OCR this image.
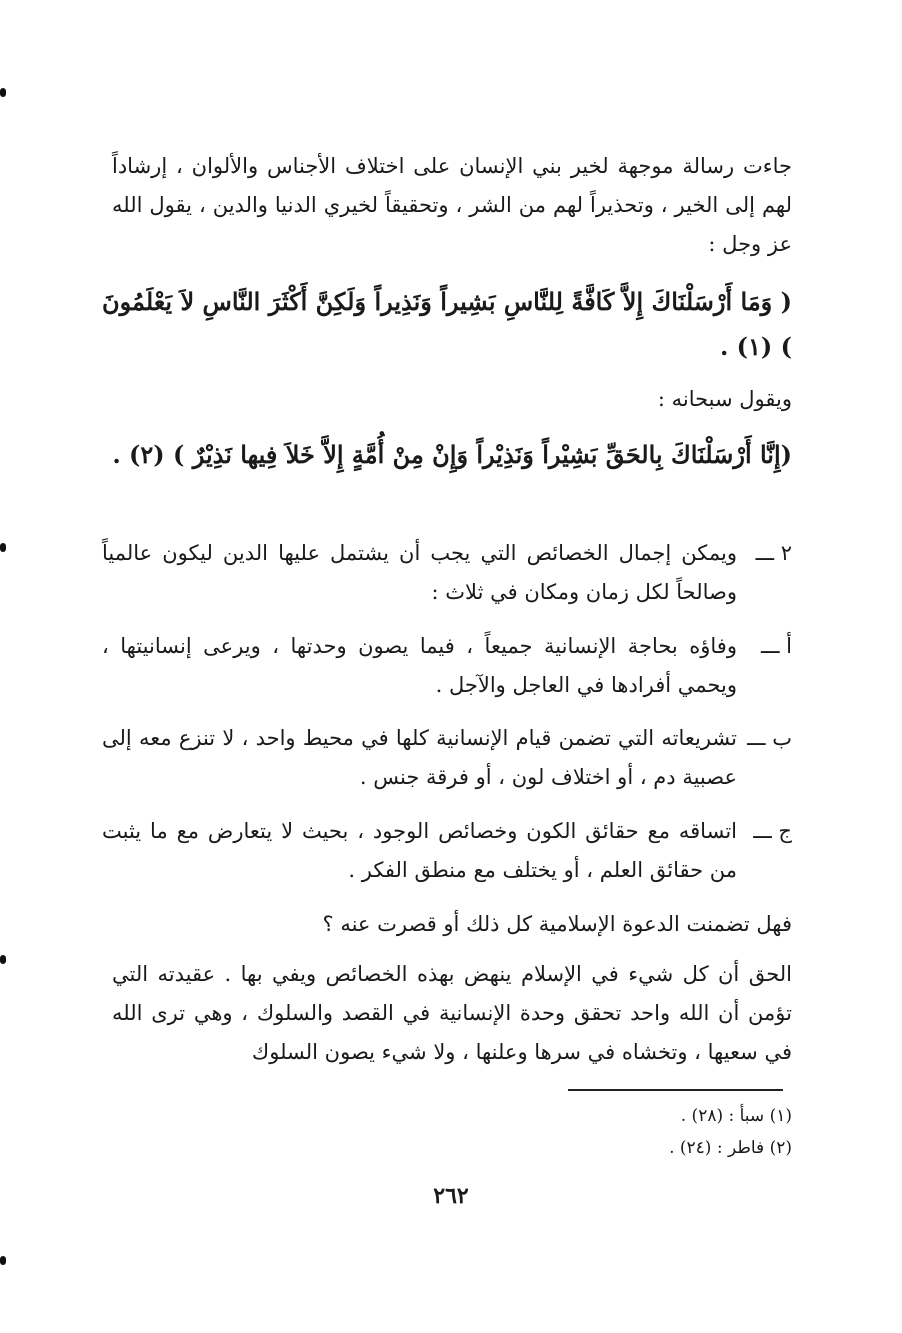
جاءت رسالة موجهة لخير بني الإنسان على اختلاف الأجناس والألوان ، إرشاداً لهم إلى الخير ، وتحذيراً لهم من الشر ، وتحقيقاً لخيري الدنيا والدين ، يقول الله عز وجل :
( وَمَا أَرْسَلْنَاكَ إِلاَّ كَافَّةً لِلنَّاسِ بَشِيراً وَنَذِيراً وَلَكِنَّ أَكْثَرَ النَّاسِ لاَ يَعْلَمُونَ ) (١) .
ويقول سبحانه :
(إِنَّا أَرْسَلْنَاكَ بِالحَقِّ بَشِيْراً وَنَذِيْراً وَإِنْ مِنْ أُمَّةٍ إِلاَّ خَلاَ فِيها نَذِيْرٌ ) (٢) .
٢ ـــ
ويمكن إجمال الخصائص التي يجب أن يشتمل عليها الدين ليكون عالمياً وصالحاً لكل زمان ومكان في ثلاث :
أ ـــ
وفاؤه بحاجة الإنسانية جميعاً ، فيما يصون وحدتها ، ويرعى إنسانيتها ، ويحمي أفرادها في العاجل والآجل .
ب ـــ
تشريعاته التي تضمن قيام الإنسانية كلها في محيط واحد ، لا تنزع معه إلى عصبية دم ، أو اختلاف لون ، أو فرقة جنس .
ج ـــ
اتساقه مع حقائق الكون وخصائص الوجود ، بحيث لا يتعارض مع ما يثبت من حقائق العلم ، أو يختلف مع منطق الفكر .
فهل تضمنت الدعوة الإسلامية كل ذلك أو قصرت عنه ؟
الحق أن كل شيء في الإسلام ينهض بهذه الخصائص ويفي بها . عقيدته التي تؤمن أن الله واحد تحقق وحدة الإنسانية في القصد والسلوك ، وهي ترى الله في سعيها ، وتخشاه في سرها وعلنها ، ولا شيء يصون السلوك
(١) سبأ : (٢٨) .
(٢) فاطر : (٢٤) .
٢٦٢
